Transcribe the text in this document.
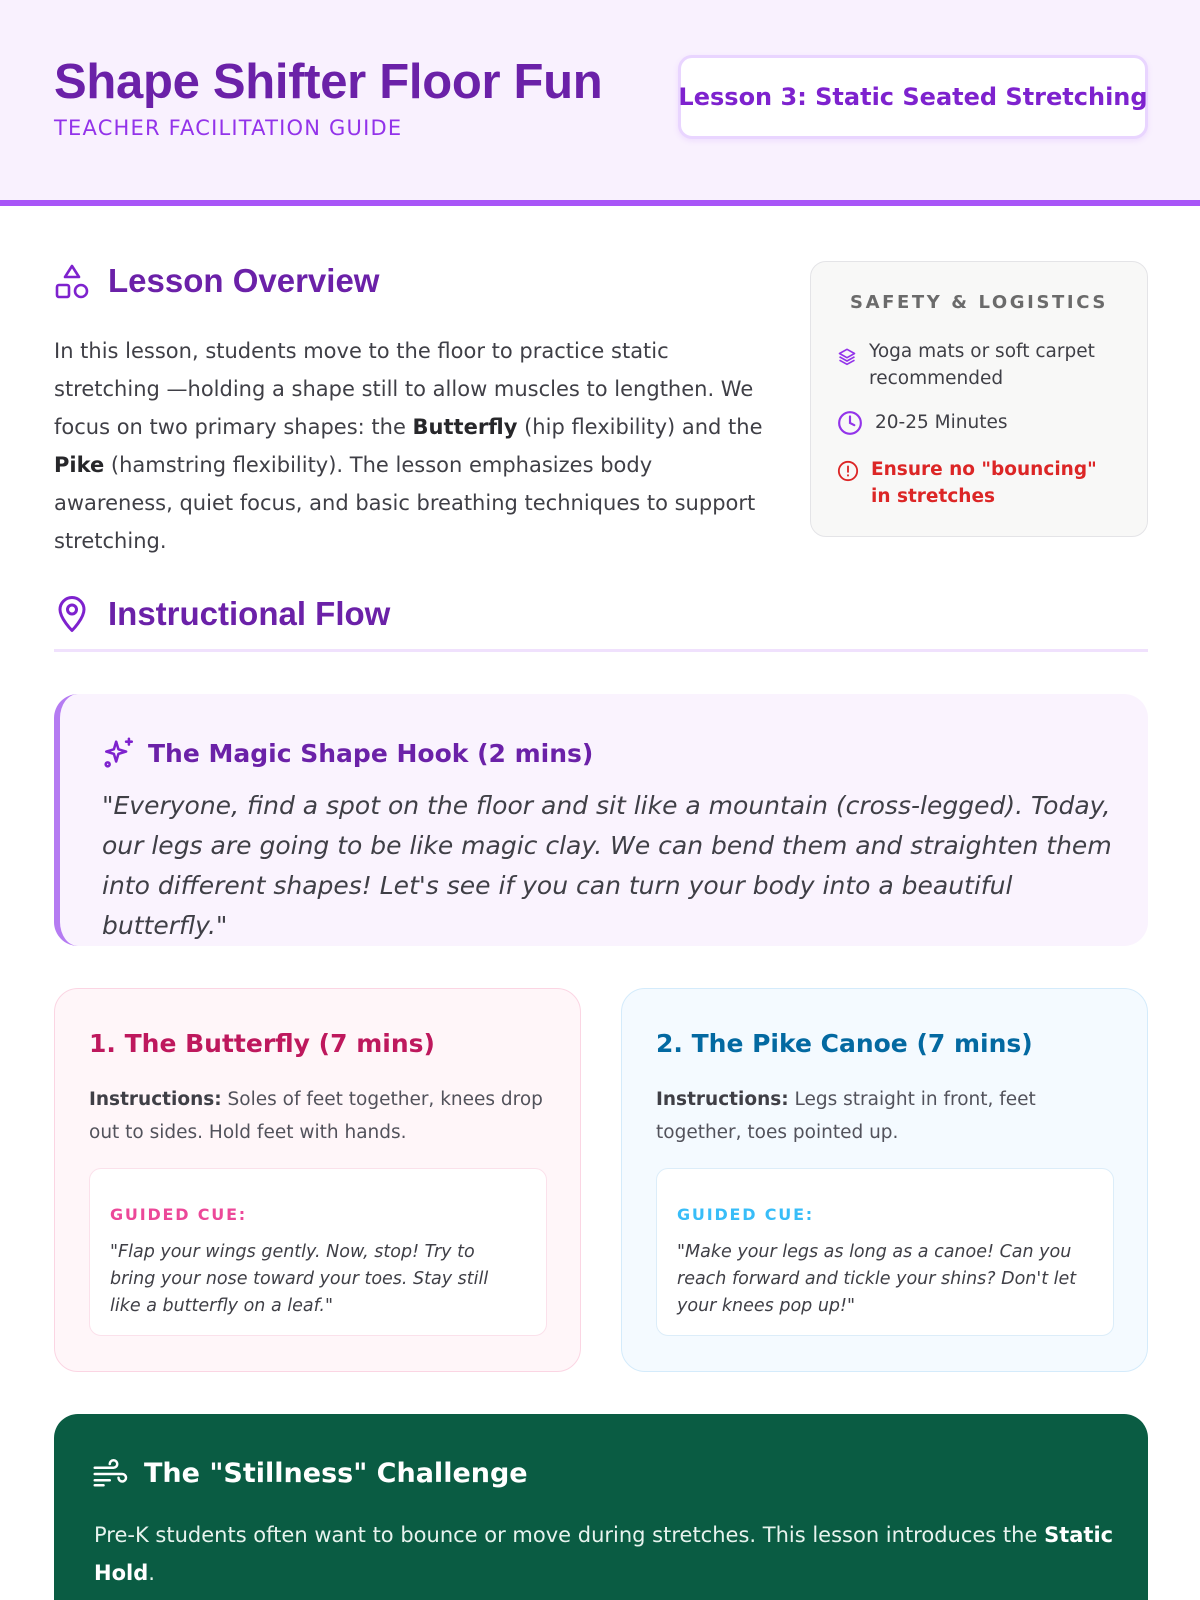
Shape Shifter Floor Fun
TEACHER FACILITATION GUIDE
Lesson 3: Static Seated Stretching
Lesson Overview
In this lesson, students move to the floor to practice static stretching —holding a shape still to allow muscles to lengthen. We focus on two primary shapes: the Butterfly (hip flexibility) and the Pike (hamstring flexibility). The lesson emphasizes body awareness, quiet focus, and basic breathing techniques to support stretching.
SAFETY & LOGISTICS
Yoga mats or soft carpet recommended
20-25 Minutes
Ensure no "bouncing" in stretches
Instructional Flow
The Magic Shape Hook (2 mins)
"Everyone, find a spot on the floor and sit like a mountain (cross-legged). Today, our legs are going to be like magic clay. We can bend them and straighten them into different shapes! Let's see if you can turn your body into a beautiful butterfly."
1. The Butterfly (7 mins)
Instructions: Soles of feet together, knees drop out to sides. Hold feet with hands.
GUIDED CUE:
"Flap your wings gently. Now, stop! Try to bring your nose toward your toes. Stay still like a butterfly on a leaf."
2. The Pike Canoe (7 mins)
Instructions: Legs straight in front, feet together, toes pointed up.
GUIDED CUE:
"Make your legs as long as a canoe! Can you reach forward and tickle your shins? Don't let your knees pop up!"
The "Stillness" Challenge
Pre-K students often want to bounce or move during stretches. This lesson introduces the Static Hold.
